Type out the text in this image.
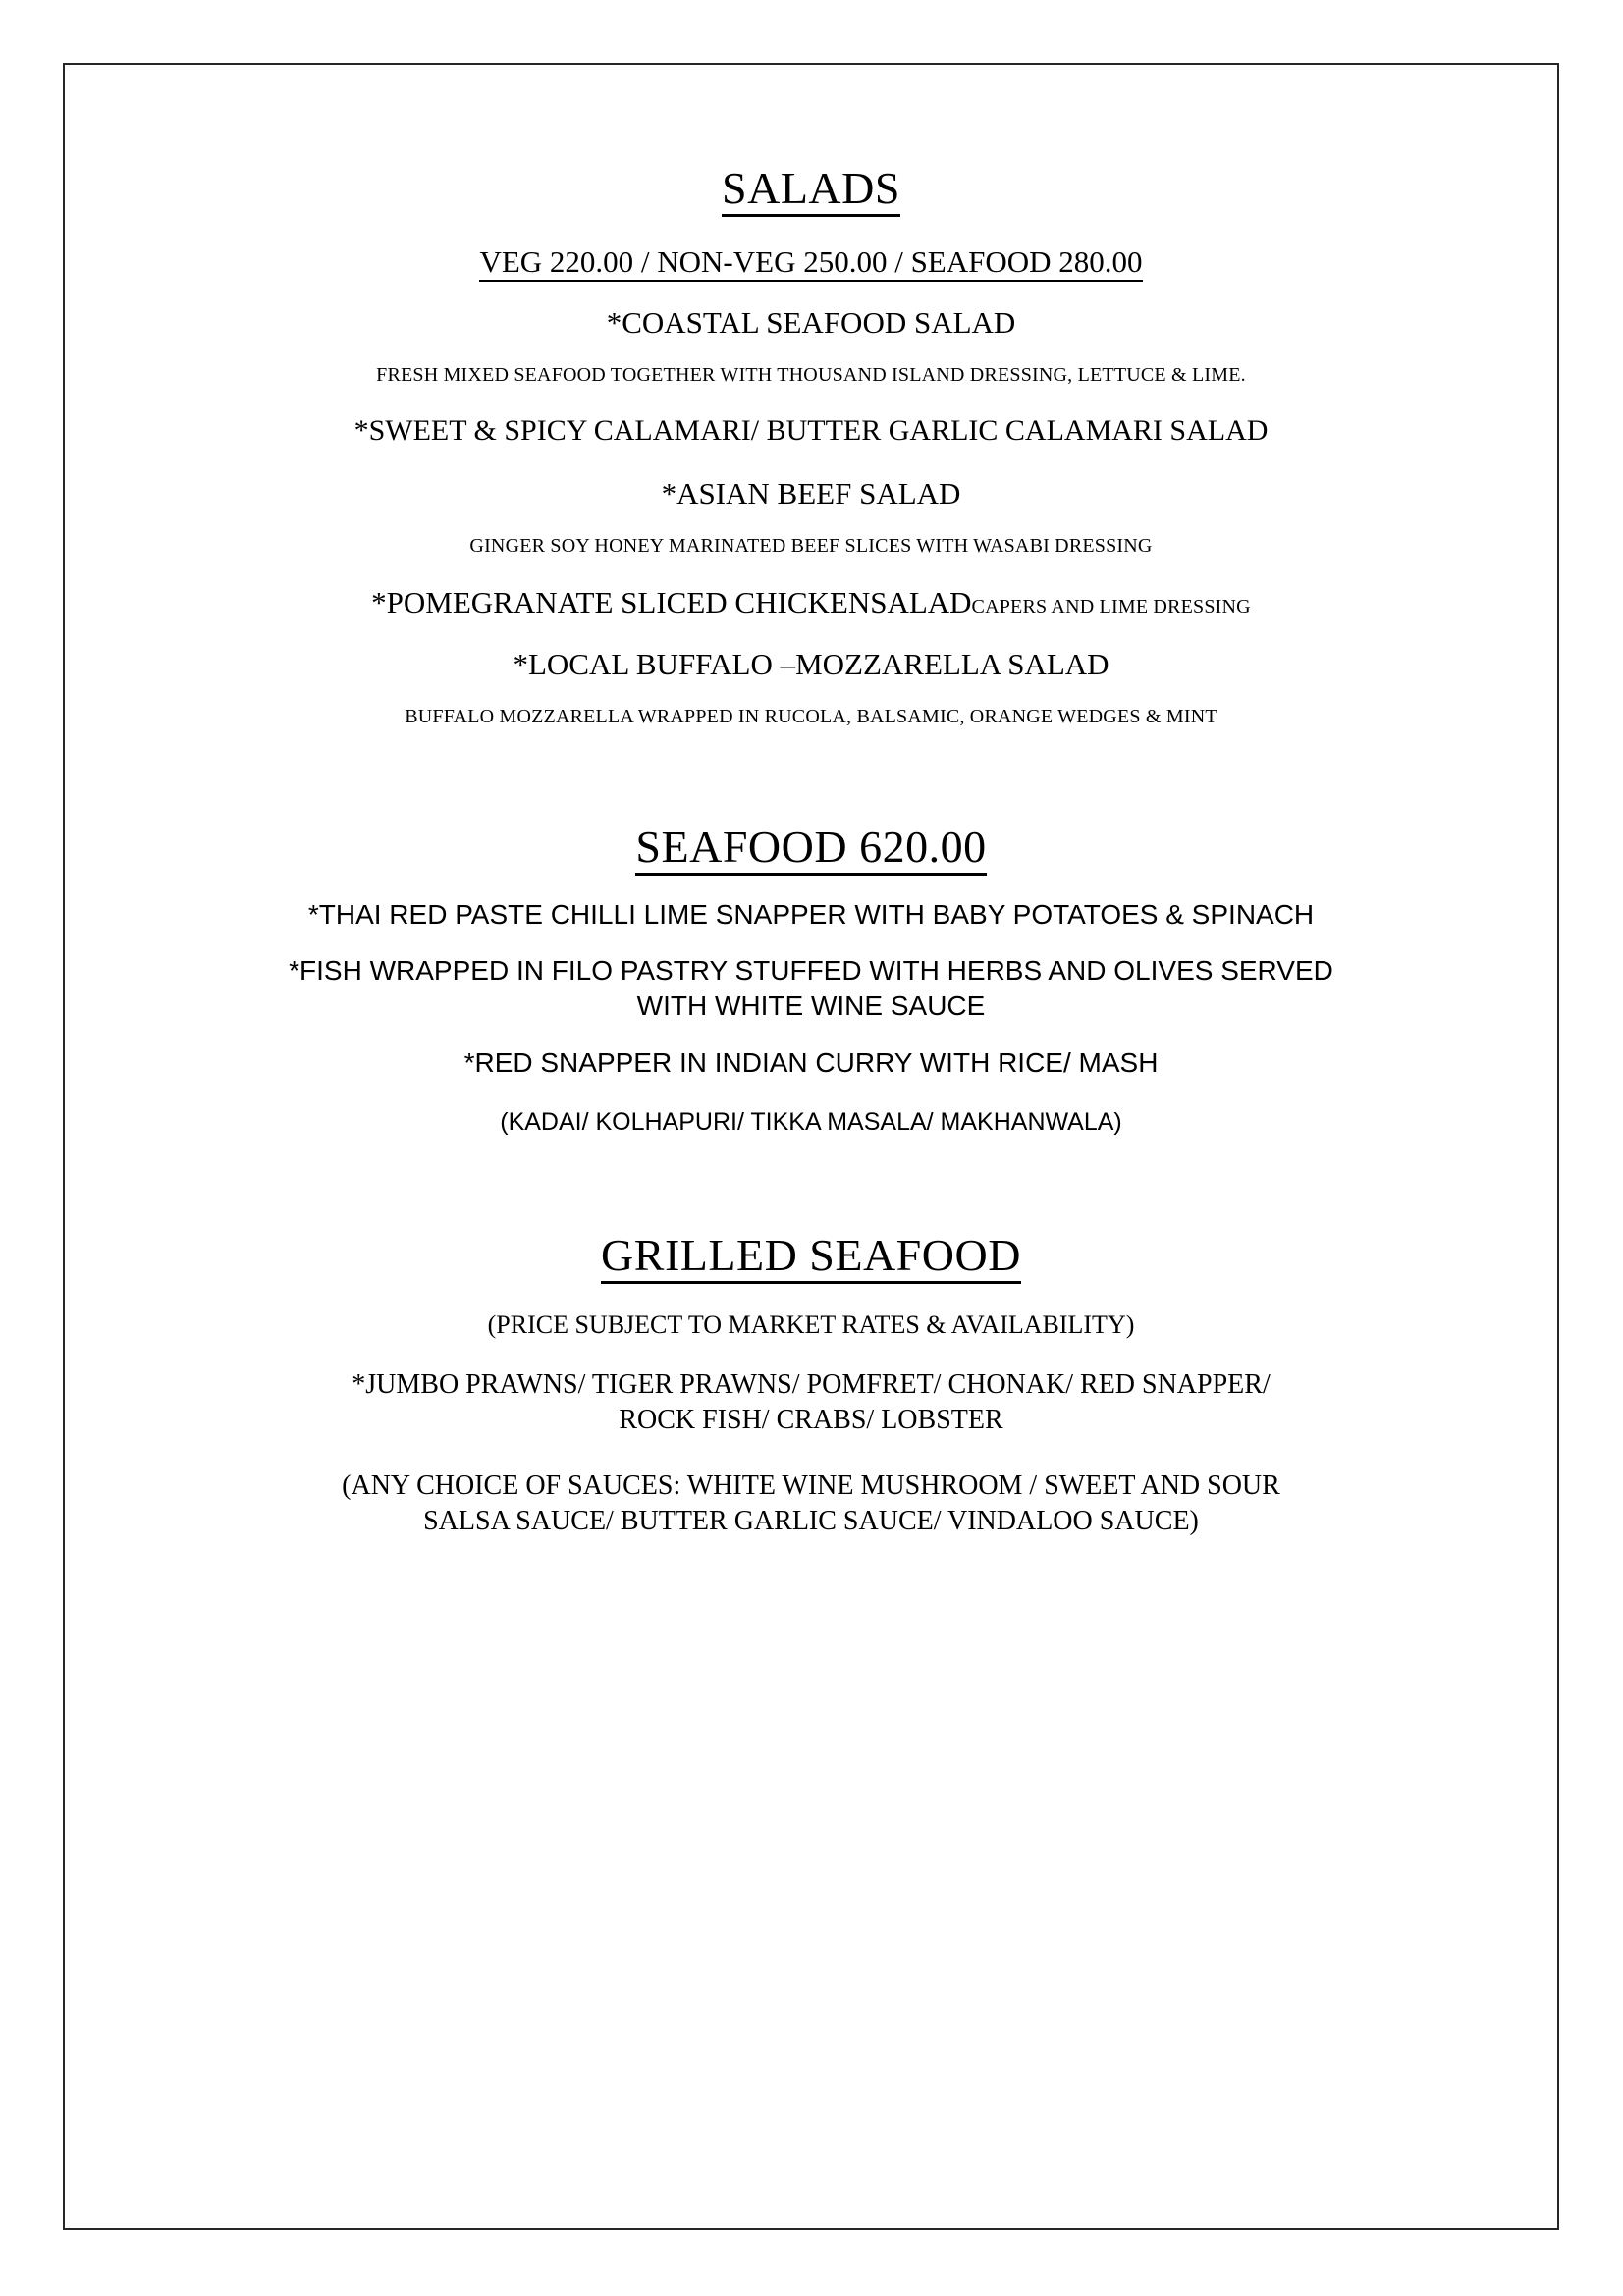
SALADS
VEG 220.00 / NON-VEG 250.00 / SEAFOOD 280.00
*COASTAL SEAFOOD SALAD
FRESH MIXED SEAFOOD TOGETHER WITH THOUSAND ISLAND DRESSING, LETTUCE & LIME.
*SWEET & SPICY CALAMARI/ BUTTER GARLIC CALAMARI SALAD
*ASIAN BEEF SALAD
GINGER SOY HONEY MARINATED BEEF SLICES WITH WASABI DRESSING
*POMEGRANATE SLICED CHICKENSALADCAPERS AND LIME DRESSING
*LOCAL BUFFALO –MOZZARELLA SALAD
BUFFALO MOZZARELLA WRAPPED IN RUCOLA, BALSAMIC, ORANGE WEDGES & MINT
SEAFOOD 620.00
*THAI RED PASTE CHILLI LIME SNAPPER WITH BABY POTATOES & SPINACH
*FISH WRAPPED IN FILO PASTRY STUFFED WITH HERBS AND OLIVES SERVED WITH WHITE WINE SAUCE
*RED SNAPPER IN INDIAN CURRY WITH RICE/ MASH
(KADAI/ KOLHAPURI/ TIKKA MASALA/ MAKHANWALA)
GRILLED SEAFOOD
(PRICE SUBJECT TO MARKET RATES & AVAILABILITY)
*JUMBO PRAWNS/ TIGER PRAWNS/ POMFRET/ CHONAK/ RED SNAPPER/
ROCK FISH/ CRABS/ LOBSTER
(ANY CHOICE OF SAUCES: WHITE WINE MUSHROOM / SWEET AND SOUR
SALSA SAUCE/ BUTTER GARLIC SAUCE/ VINDALOO SAUCE)
